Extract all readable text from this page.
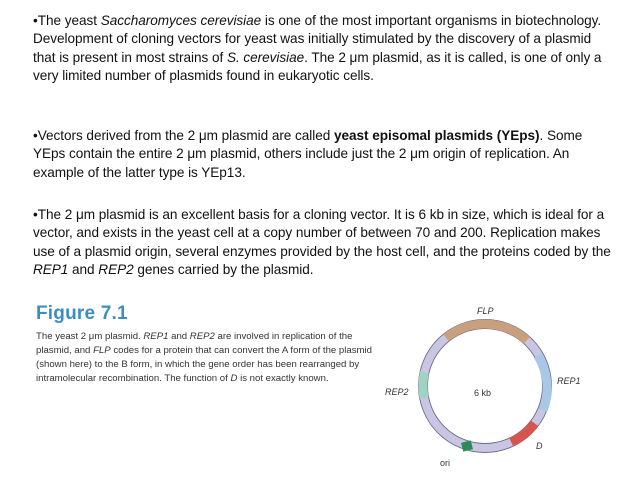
•The yeast Saccharomyces cerevisiae is one of the most important organisms in biotechnology. Development of cloning vectors for yeast was initially stimulated by the discovery of a plasmid that is present in most strains of S. cerevisiae. The 2 μm plasmid, as it is called, is one of only a very limited number of plasmids found in eukaryotic cells.

•Vectors derived from the 2 μm plasmid are called yeast episomal plasmids (YEps). Some YEps contain the entire 2 μm plasmid, others include just the 2 μm origin of replication. An example of the latter type is YEp13.

•The 2 μm plasmid is an excellent basis for a cloning vector. It is 6 kb in size, which is ideal for a vector, and exists in the yeast cell at a copy number of between 70 and 200. Replication makes use of a plasmid origin, several enzymes provided by the host cell, and the proteins coded by the REP1 and REP2 genes carried by the plasmid.

Figure 7.1
The yeast 2 μm plasmid. REP1 and REP2 are involved in replication of the plasmid, and FLP codes for a protein that can convert the A form of the plasmid (shown here) to the B form, in which the gene order has been rearranged by intramolecular recombination. The function of D is not exactly known.
FLP
REP1
REP2
D
ori
6 kb
